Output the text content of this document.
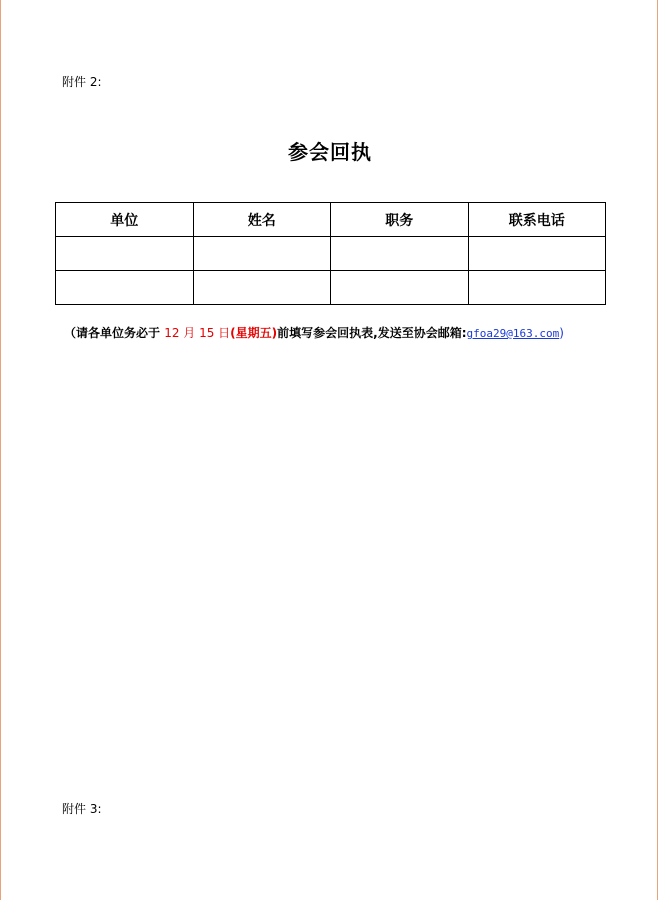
附件 2:
参会回执
单位	姓名	职务	联系电话

（请各单位务必于 12 月 15 日(星期五)前填写参会回执表,发送至协会邮箱:gfoa29@163.com)
附件 3:
